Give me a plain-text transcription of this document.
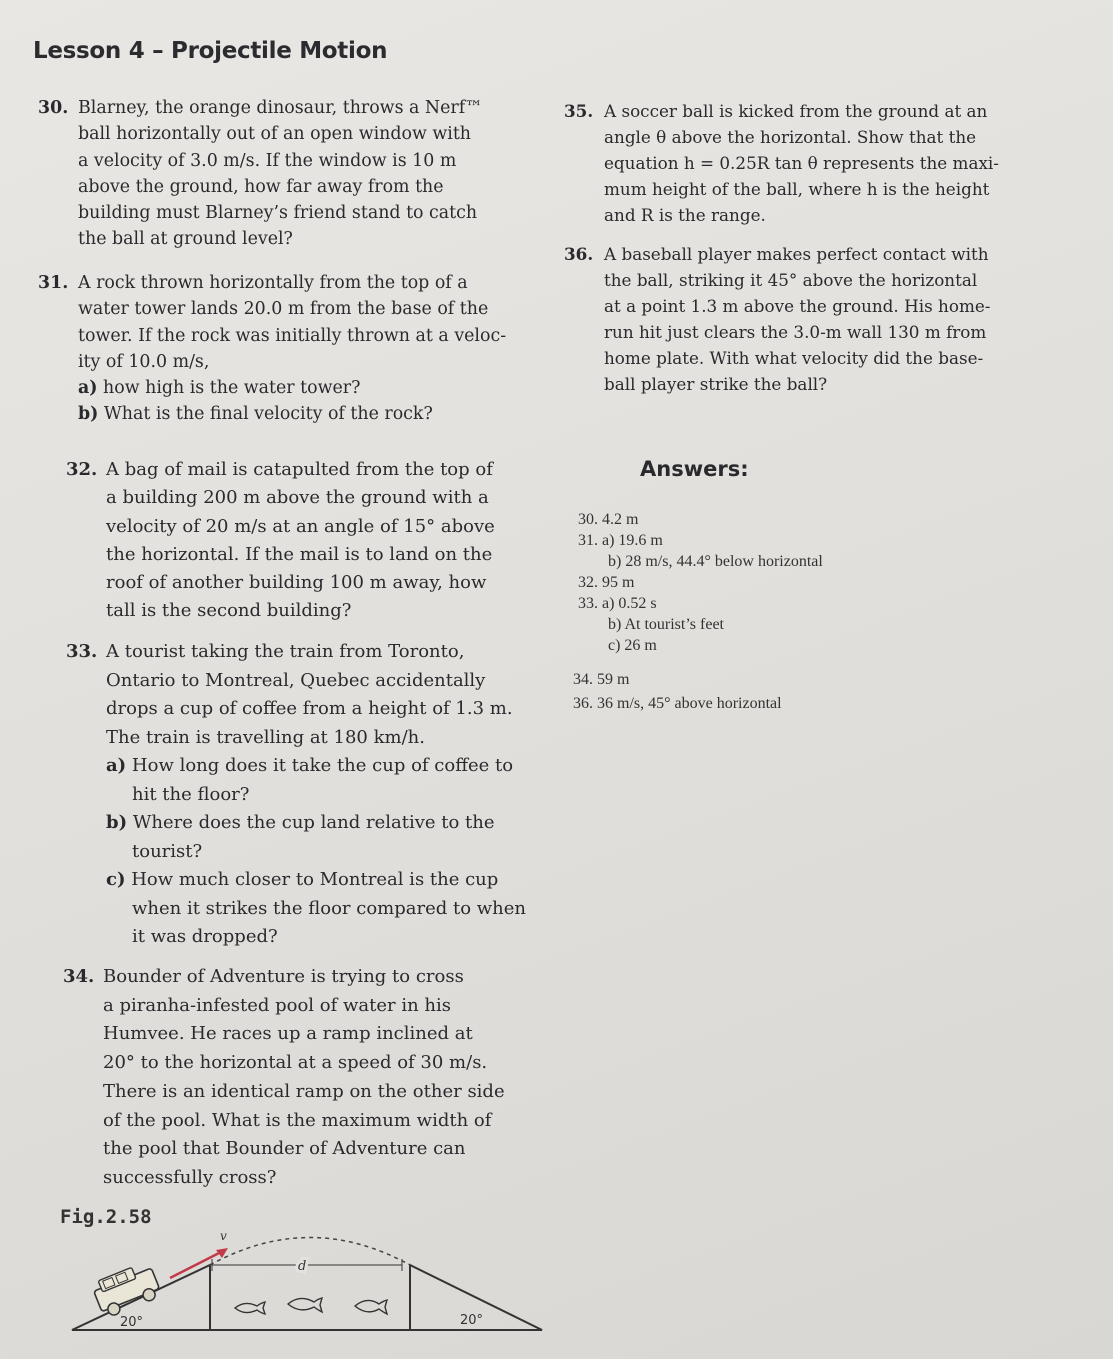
Lesson 4 – Projectile Motion
30. Blarney, the orange dinosaur, throws a Nerf™

ball horizontally out of an open window with

a velocity of 3.0 m/s. If the window is 10 m

above the ground, how far away from the

building must Blarney’s friend stand to catch

the ball at ground level?

31. A rock thrown horizontally from the top of a

water tower lands 20.0 m from the base of the

tower. If the rock was initially thrown at a veloc-

ity of 10.0 m/s,

a) how high is the water tower?

b) What is the final velocity of the rock?

32. A bag of mail is catapulted from the top of

a building 200 m above the ground with a

velocity of 20 m/s at an angle of 15° above

the horizontal. If the mail is to land on the

roof of another building 100 m away, how

tall is the second building?

33. A tourist taking the train from Toronto,

Ontario to Montreal, Quebec accidentally

drops a cup of coffee from a height of 1.3 m.

The train is travelling at 180 km/h.

a) How long does it take the cup of coffee to

hit the floor?

b) Where does the cup land relative to the

tourist?

c) How much closer to Montreal is the cup

when it strikes the floor compared to when

it was dropped?

34. Bounder of Adventure is trying to cross

a piranha-infested pool of water in his

Humvee. He races up a ramp inclined at

20° to the horizontal at a speed of 30 m/s.

There is an identical ramp on the other side

of the pool. What is the maximum width of

the pool that Bounder of Adventure can

successfully cross?

35. A soccer ball is kicked from the ground at an

angle θ above the horizontal. Show that the

equation h = 0.25R tan θ represents the maxi-

mum height of the ball, where h is the height

and R is the range.

36. A baseball player makes perfect contact with

the ball, striking it 45° above the horizontal

at a point 1.3 m above the ground. His home-

run hit just clears the 3.0-m wall 130 m from

home plate. With what velocity did the base-

ball player strike the ball?

Answers:
30. 4.2 m
31. a) 19.6 m
b) 28 m/s, 44.4° below horizontal
32. 95 m
33. a) 0.52 s
b) At tourist’s feet
c) 26 m
34. 59 m
36. 36 m/s, 45° above horizontal
Fig.2.58
v
d
20°	20°
